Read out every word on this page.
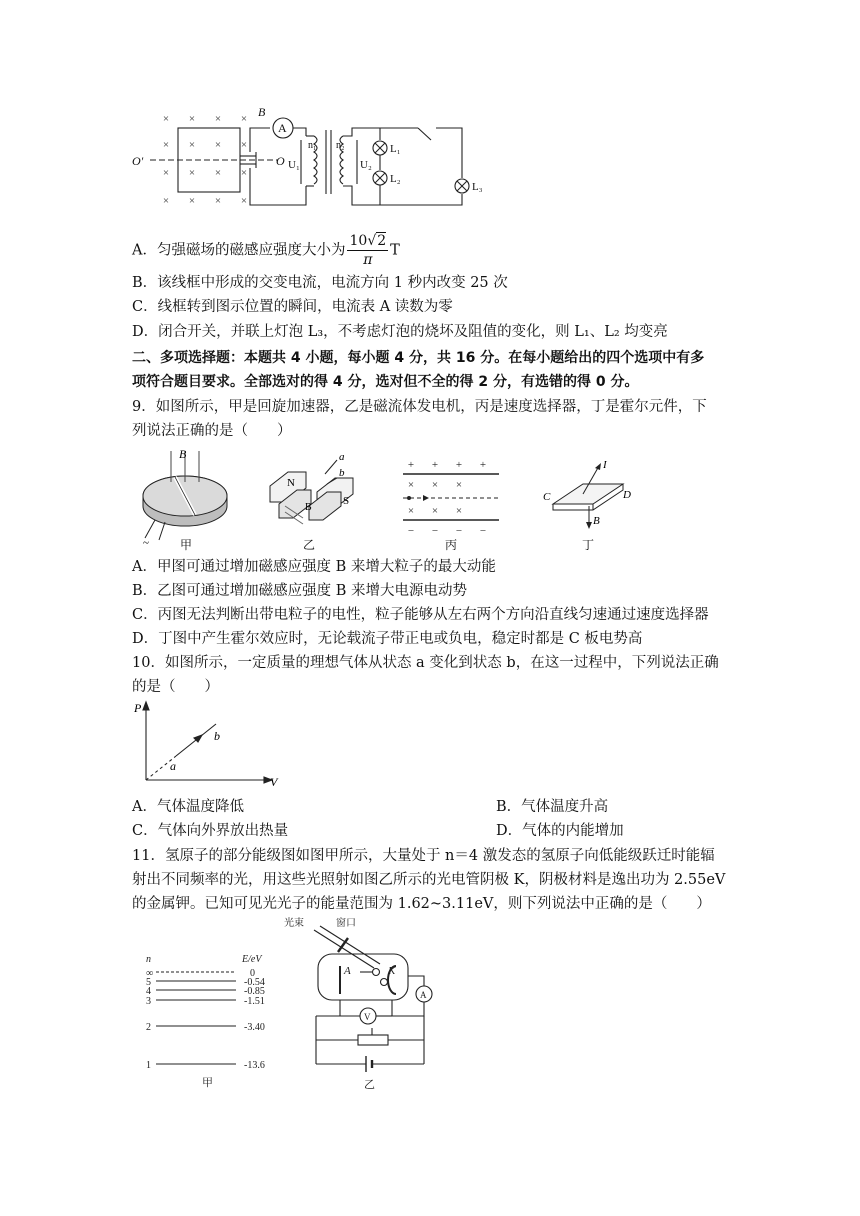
× × × ×
× × × ×
× × × ×
× × × ×
B
A
O'	O
n₁
U₁
n₂
U₂
L₁
L₂
L₃
A．匀强磁场的磁感应强度大小为 $\frac{10√2}{\pi}$ T
B．该线框中形成的交变电流，电流方向 1 秒内改变 25 次
C．线框转到图示位置的瞬间，电流表 A 读数为零
D．闭合开关，并联上灯泡 L₃，不考虑灯泡的烧坏及阻值的变化，则 L₁、L₂ 均变亮
二、多项选择题：本题共 4 小题，每小题 4 分，共 16 分。在每小题给出的四个选项中有多
项符合题目要求。全部选对的得 4 分，选对但不全的得 2 分，有选错的得 0 分。
9．如图所示，甲是回旋加速器，乙是磁流体发电机，丙是速度选择器，丁是霍尔元件，下
列说法正确的是（　　）
~
B
N
S
B
a
b
+ + + +
− − − −
× × ×
× × ×
I
C	D
B
甲	乙	丙	丁
A．甲图可通过增加磁感应强度 B 来增大粒子的最大动能
B．乙图可通过增加磁感应强度 B 来增大电源电动势
C．丙图无法判断出带电粒子的电性，粒子能够从左右两个方向沿直线匀速通过速度选择器
D．丁图中产生霍尔效应时，无论载流子带正电或负电，稳定时都是 C 板电势高
10．如图所示，一定质量的理想气体从状态 a 变化到状态 b，在这一过程中，下列说法正确
的是（　　）
P
V
a
b
A．气体温度降低	B．气体温度升高
C．气体向外界放出热量	D．气体的内能增加
11．氢原子的部分能级图如图甲所示，大量处于 n＝4 激发态的氢原子向低能级跃迁时能辐
射出不同频率的光，用这些光照射如图乙所示的光电管阴极 K，阴极材料是逸出功为 2.55eV
的金属钾。已知可见光光子的能量范围为 1.62~3.11eV，则下列说法中正确的是（　　）
n	E/eV
∞	0
5	-0.54
4	-0.85
3	-1.51
2	-3.40
1	-13.6
甲
光束	窗口
A	K
V
A
乙
